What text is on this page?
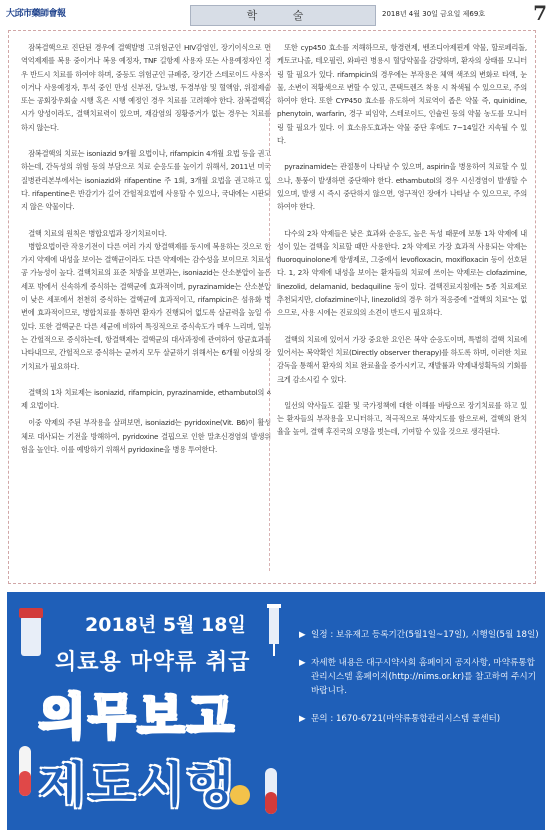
大邱市藥師會報	학 술	2018년 4월 30일 금요일 제69호 7

잠복결핵으로 진단된 경우에 결핵발병 고위험군인 HIV감염인, 장기이식으로 면역억제제를 복용 중이거나 복용 예정자, TNF 길항제 사용자 또는 사용예정자인 경우 반드시 치료를 하여야 하며, 중등도 위험군인 규폐증, 장기간 스테로이드 사용자이거나 사용예정자, 투석 중인 만성 신부전, 당뇨병, 두경부암 및 혈액암, 위절제술 또는 공회장우회술 시행 혹은 시행 예정인 경우 치료를 고려해야 한다. 잠복결핵감시가 양성이라도, 결핵치료력이 있으며, 재감염의 징황증거가 없는 경우는 치료를 하지 않는다.

잠복결핵의 치료는 isoniazid 9개월 요법이나, rifampicin 4개월 요법 등을 권고하는데, 간독성의 위험 등의 부담으로 치료 순응도를 높이기 위해서, 2011년 미국질병관리본부에서는 isoniazid와 rifapentine 주 1회, 3개월 요법을 권고하고 있다. rifapentine은 반감기가 길어 간헐적요법에 사용할 수 있으나, 국내에는 시판되지 않은 약물이다.

결핵 치료의 원칙은 병합요법과 장기치료이다.

병합요법이란 작용기전이 다른 여러 가지 항결핵제를 동시에 복용하는 것으로 한가지 약제에 내성을 보이는 결핵균이라도 다른 약제에는 감수성을 보이므로 치료성공 가능성이 높다. 결핵치료의 표준 처방을 보면과는, isoniazid는 산소분압이 높은 세포 밖에서 신속하게 증식하는 결핵균에 효과적이며, pyrazinamide는 산소분압이 낮은 세포에서 천천히 증식하는 결핵균에 효과적이고, rifampicin은 섬유화 병변에 효과적이므로, 병합치료를 통하면 환자가 진행되어 없도록 살균력을 높일 수 있다. 또한 결핵균은 다른 세균에 비하여 특징적으로 증식속도가 매우 느리며, 일부는 간헐적으로 증식하는데, 항결핵제는 결핵균의 대사과정에 관여하여 항균효과를 나타내므로, 간헐적으로 증식하는 균까지 모두 살균하기 위해서는 6개월 이상의 장기치료가 필요하다.

결핵의 1차 치료제는 isoniazid, rifampicin, pyrazinamide, ethambutol의 4제 요법이다.

이중 약제의 주된 부작용을 살펴보면, isoniazid는 pyridoxine(Vit. B6)이 활성체로 대사되는 기전을 방해하여, pyridoxine 결핍으로 인한 말초신경염의 발생위험을 높인다. 이를 예방하기 위해서 pyridoxine을 병용 투여한다.

또한 cyp450 효소를 저해하므로, 항경련제, 벤조디아제핀계 약물, 할로페리돌, 케토코나졸, 테오필린, 와파린 병용시 혈당약물을 감량하며, 환자의 상태를 모니터링 할 필요가 있다. rifampicin의 경우에는 부작용은 체액 색조의 변화로 타액, 눈물, 소변이 적황색으로 변할 수 있고, 콘택트렌즈 착용 시 착색될 수 있으므로, 주의하여야 한다. 또한 CYP450 효소를 유도하여 치료역이 좁은 약물 즉, quinidine, phenytoin, warfarin, 경구 피임약, 스테로이드, 인슐린 등의 약물 농도를 모니터링 할 필요가 있다. 이 효소유도효과는 약물 중단 후에도 7~14일간 지속될 수 있다.

pyrazinamide는 관절통이 나타날 수 있으며, aspirin을 병용하여 치료할 수 있으나, 통풍이 발생하면 중단해야 한다. ethambutol의 경우 시신경염이 발생할 수 있으며, 발생 시 즉시 중단하지 않으면, 영구적인 장애가 나타날 수 있으므로, 주의하여야 한다.

다수의 2차 약제들은 낮은 효과와 순응도, 높은 독성 때문에 보통 1차 약제에 내성이 있는 결핵을 치료할 때만 사용한다. 2차 약제로 가장 효과적 사용되는 약제는 fluoroquinolone계 항생제로, 그중에서 levofloxacin, moxifloxacin 등이 선호된다. 1, 2차 약제에 내성을 보이는 환자들의 치료에 쓰이는 약제로는 clofazimine, linezolid, delamanid, bedaquiline 등이 있다. 결핵진료지침에는 5종 치료제로 추천되지만, clofazimine이나, linezolid의 경우 허가 적응증에 "결핵의 치료"는 없으므로, 사용 시에는 진료의의 소견이 반드시 필요하다.

결핵의 치료에 있어서 가장 중요한 요인은 복약 순응도이며, 특별히 결핵 치료에 있어서는 복약확인 치료(Directly observer therapy)를 하도록 하며, 이러한 치료 감독을 통해서 환자의 치료 완료율을 증가시키고, 재발률과 약제내성획득의 기회를 크게 감소시킬 수 있다.

일선의 약사들도 질환 및 국가정책에 대한 이해를 바탕으로 장기치료를 하고 있는 환자들의 부작용을 모니터하고, 적극적으로 복약지도를 함으로써, 결핵의 완치율을 높여, 결핵 후진국의 오명을 벗는데, 기여할 수 있을 것으로 생각된다.

2018년 5월 18일
의료용 마약류 취급
의무보고
제도시행
▶ 일정 : 보유재고 등록기간(5월1일~17일), 시행일(5월 18일)
▶ 자세한 내용은 대구시약사회 홈페이지 공지사항, 마약류통합관리시스템 홈페이지(http://nims.or.kr)를 참고하여 주시기 바랍니다.
▶ 문의 : 1670-6721(마약류통합관리시스템 콜센터)
